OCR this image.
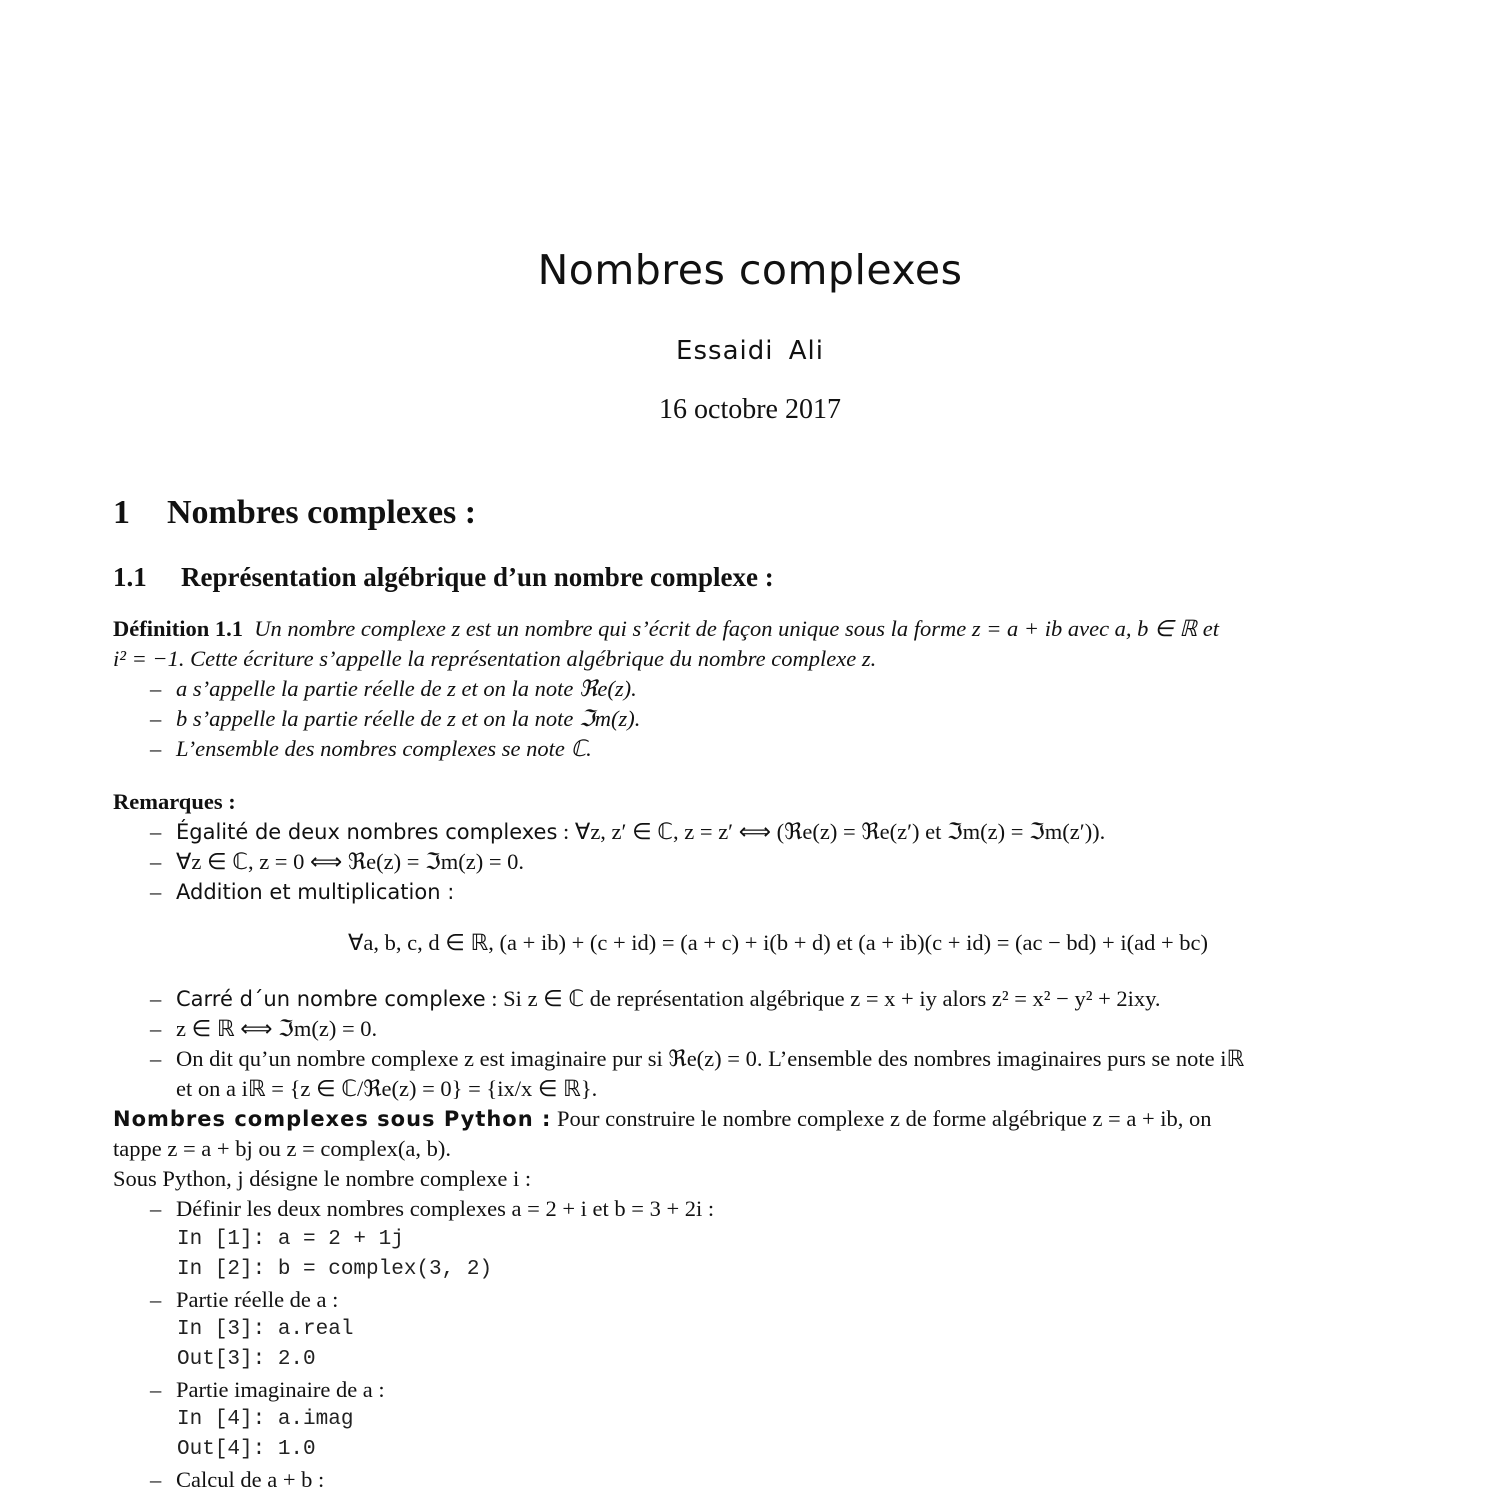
Nombres complexes
Essaidi Ali
16 octobre 2017
1 Nombres complexes :
1.1 Représentation algébrique d’un nombre complexe :
Définition 1.1 Un nombre complexe z est un nombre qui s’écrit de façon unique sous la forme z = a + ib avec a, b ∈ ℝ et
i² = −1. Cette écriture s’appelle la représentation algébrique du nombre complexe z.
– a s’appelle la partie réelle de z et on la note ℜe(z).
– b s’appelle la partie réelle de z et on la note ℑm(z).
– L’ensemble des nombres complexes se note ℂ.
Remarques :
– Égalité de deux nombres complexes : ∀z, z′ ∈ ℂ, z = z′ ⟺ (ℜe(z) = ℜe(z′) et ℑm(z) = ℑm(z′)).
– ∀z ∈ ℂ, z = 0 ⟺ ℜe(z) = ℑm(z) = 0.
– Addition et multiplication :
∀a, b, c, d ∈ ℝ, (a + ib) + (c + id) = (a + c) + i(b + d) et (a + ib)(c + id) = (ac − bd) + i(ad + bc)
– Carré d´un nombre complexe : Si z ∈ ℂ de représentation algébrique z = x + iy alors z² = x² − y² + 2ixy.
– z ∈ ℝ ⟺ ℑm(z) = 0.
– On dit qu’un nombre complexe z est imaginaire pur si ℜe(z) = 0. L’ensemble des nombres imaginaires purs se note iℝ
et on a iℝ = {z ∈ ℂ/ℜe(z) = 0} = {ix/x ∈ ℝ}.
Nombres complexes sous Python : Pour construire le nombre complexe z de forme algébrique z = a + ib, on
tappe z = a + bj ou z = complex(a, b).
Sous Python, j désigne le nombre complexe i :
– Définir les deux nombres complexes a = 2 + i et b = 3 + 2i :
In [1]: a = 2 + 1j
In [2]: b = complex(3, 2)
– Partie réelle de a :
In [3]: a.real
Out[3]: 2.0
– Partie imaginaire de a :
In [4]: a.imag
Out[4]: 1.0
– Calcul de a + b :
